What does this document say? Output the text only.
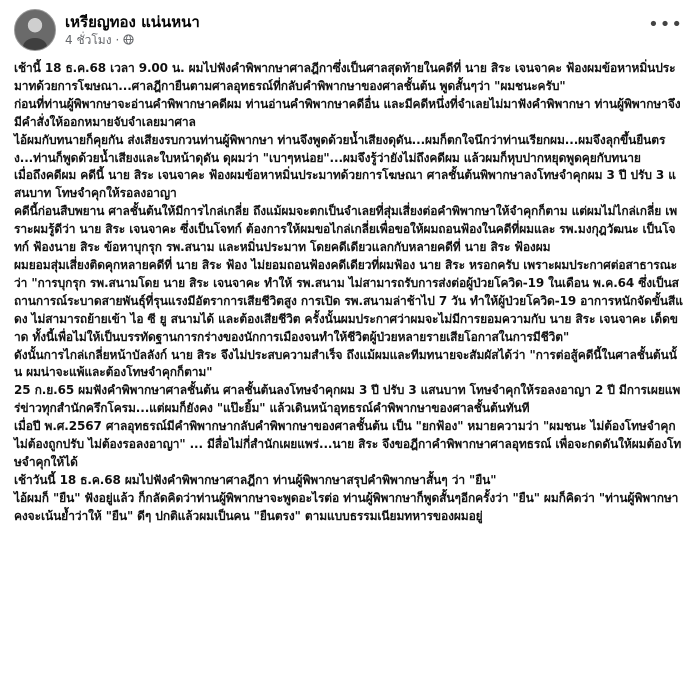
เหรียญทอง แน่นหนา
4 ชั่วโมง ·
•••

เช้านี้ 18 ธ.ค.68 เวลา 9.00 น. ผมไปฟังคำพิพากษาศาลฎีกาซึ่งเป็นศาลสุดท้ายในคดีที่ นาย สิระ เจนจาคะ ฟ้องผมข้อหาหมิ่นประมาทด้วยการโฆษณา...ศาลฎีกายืนตามศาลอุทธรณ์ที่กลับคำพิพากษาของศาลชั้นต้น พูดสั้นๆว่า "ผมชนะครับ"

ก่อนที่ท่านผู้พิพากษาจะอ่านคำพิพากษาคดีผม ท่านอ่านคำพิพากษาคดีอื่น และมีคดีหนึ่งที่จำเลยไม่มาฟังคำพิพากษา ท่านผู้พิพากษาจึงมีคำสั่งให้ออกหมายจับจำเลยมาศาล

ไอ้ผมกับทนายก็คุยกัน ส่งเสียงรบกวนท่านผู้พิพากษา ท่านจึงพูดด้วยน้ำเสียงดุดัน...ผมก็ตกใจนึกว่าท่านเรียกผม...ผมจึงลุกขึ้นยืนตรง...ท่านก็พูดด้วยน้ำเสียงและใบหน้าดุดัน ดุผมว่า "เบาๆหน่อย"...ผมจึงรู้ว่ายังไม่ถึงคดีผม แล้วผมก็หุบปากหยุดพูดคุยกับทนาย

เมื่อถึงคดีผม คดีนี้ นาย สิระ เจนจาคะ ฟ้องผมข้อหาหมิ่นประมาทด้วยการโฆษณา ศาลชั้นต้นพิพากษาลงโทษจำคุกผม 3 ปี ปรับ 3 แสนบาท โทษจำคุกให้รอลงอาญา

คดีนี้ก่อนสืบพยาน ศาลชั้นต้นให้มีการไกล่เกลี่ย ถึงแม้ผมจะตกเป็นจำเลยที่สุ่มเสี่ยงต่อคำพิพากษาให้จำคุกก็ตาม แต่ผมไม่ไกล่เกลี่ย เพราะผมรู้ดีว่า นาย สิระ เจนจาคะ ซึ่งเป็นโจทก์ ต้องการให้ผมขอไกล่เกลี่ยเพื่อขอให้ผมถอนฟ้องในคดีที่ผมและ รพ.มงกุฎวัฒนะ เป็นโจทก์ ฟ้องนาย สิระ ข้อหาบุกรุก รพ.สนาม และหมิ่นประมาท โดยคดีเดียวแลกกับหลายคดีที่ นาย สิระ ฟ้องผม

ผมยอมสุ่มเสี่ยงติดคุกหลายคดีที่ นาย สิระ ฟ้อง ไม่ยอมถอนฟ้องคดีเดียวที่ผมฟ้อง นาย สิระ หรอกครับ เพราะผมประกาศต่อสาธารณะว่า "การบุกรุก รพ.สนามโดย นาย สิระ เจนจาคะ ทำให้ รพ.สนาม ไม่สามารถรับการส่งต่อผู้ป่วยโควิด-19 ในเดือน พ.ค.64 ซึ่งเป็นสถานการณ์ระบาดสายพันธุ์ที่รุนแรงมีอัตราการเสียชีวิตสูง การเปิด รพ.สนามล่าช้าไป 7 วัน ทำให้ผู้ป่วยโควิด-19 อาการหนักจัดขั้นสีแดง ไม่สามารถย้ายเข้า ไอ ซี ยู สนามได้ และต้องเสียชีวิต ครั้งนั้นผมประกาศว่าผมจะไม่มีการยอมความกับ นาย สิระ เจนจาคะ เด็ดขาด ทั้งนี้เพื่อไม่ให้เป็นบรรทัดฐานการกร่างของนักการเมืองจนทำให้ชีวิตผู้ป่วยหลายรายเสียโอกาสในการมีชีวิต"

ดังนั้นการไกล่เกลี่ยหน้าบัลลังก์ นาย สิระ จึงไม่ประสบความสำเร็จ ถึงแม้ผมและทีมทนายจะสัมผัสได้ว่า "การต่อสู้คดีนี้ในศาลชั้นต้นนั้น ผมน่าจะแพ้และต้องโทษจำคุกก็ตาม"

25 ก.ย.65 ผมฟังคำพิพากษาศาลชั้นต้น ศาลชั้นต้นลงโทษจำคุกผม 3 ปี ปรับ 3 แสนบาท โทษจำคุกให้รอลงอาญา 2 ปี มีการเผยแพร่ข่าวทุกสำนักครึกโครม...แต่ผมก็ยังคง "แป๊ะยิ้ม" แล้วเดินหน้าอุทธรณ์คำพิพากษาของศาลชั้นต้นทันที

เมื่อปี พ.ศ.2567 ศาลอุทธรณ์มีคำพิพากษากลับคำพิพากษาของศาลชั้นต้น เป็น "ยกฟ้อง" หมายความว่า "ผมชนะ ไม่ต้องโทษจำคุก ไม่ต้องถูกปรับ ไม่ต้องรอลงอาญา" ... มีสื่อไม่กี่สำนักเผยแพร่...นาย สิระ จึงขอฎีกาคำพิพากษาศาลอุทธรณ์ เพื่อจะกดดันให้ผมต้องโทษจำคุกให้ได้

เช้าวันนี้ 18 ธ.ค.68 ผมไปฟังคำพิพากษาศาลฎีกา ท่านผู้พิพากษาสรุปคำพิพากษาสั้นๆ ว่า "ยืน"

ไอ้ผมก็ "ยืน" ฟังอยู่แล้ว ก็กลัดคิดว่าท่านผู้พิพากษาจะพูดอะไรต่อ ท่านผู้พิพากษาก็พูดสั้นๆอีกครั้งว่า "ยืน" ผมก็คิดว่า "ท่านผู้พิพากษาคงจะเน้นย้ำว่าให้ "ยืน" ดีๆ ปกติแล้วผมเป็นคน "ยืนตรง" ตามแบบธรรมเนียมทหารของผมอยู่
